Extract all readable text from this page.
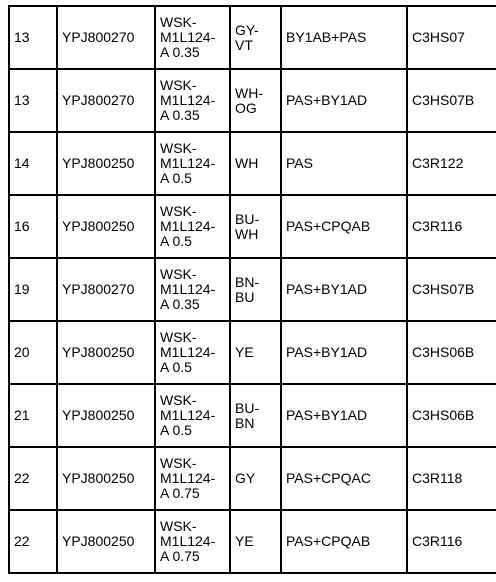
13	YPJ800270	WSK-
M1L124-
A 0.35	GY-
VT	BY1AB+PAS	C3HS07
13	YPJ800270	WSK-
M1L124-
A 0.35	WH-
OG	PAS+BY1AD	C3HS07B
14	YPJ800250	WSK-
M1L124-
A 0.5	WH	PAS	C3R122
16	YPJ800250	WSK-
M1L124-
A 0.5	BU-
WH	PAS+CPQAB	C3R116
19	YPJ800270	WSK-
M1L124-
A 0.35	BN-
BU	PAS+BY1AD	C3HS07B
20	YPJ800250	WSK-
M1L124-
A 0.5	YE	PAS+BY1AD	C3HS06B
21	YPJ800250	WSK-
M1L124-
A 0.5	BU-
BN	PAS+BY1AD	C3HS06B
22	YPJ800250	WSK-
M1L124-
A 0.75	GY	PAS+CPQAC	C3R118
22	YPJ800250	WSK-
M1L124-
A 0.75	YE	PAS+CPQAB	C3R116
